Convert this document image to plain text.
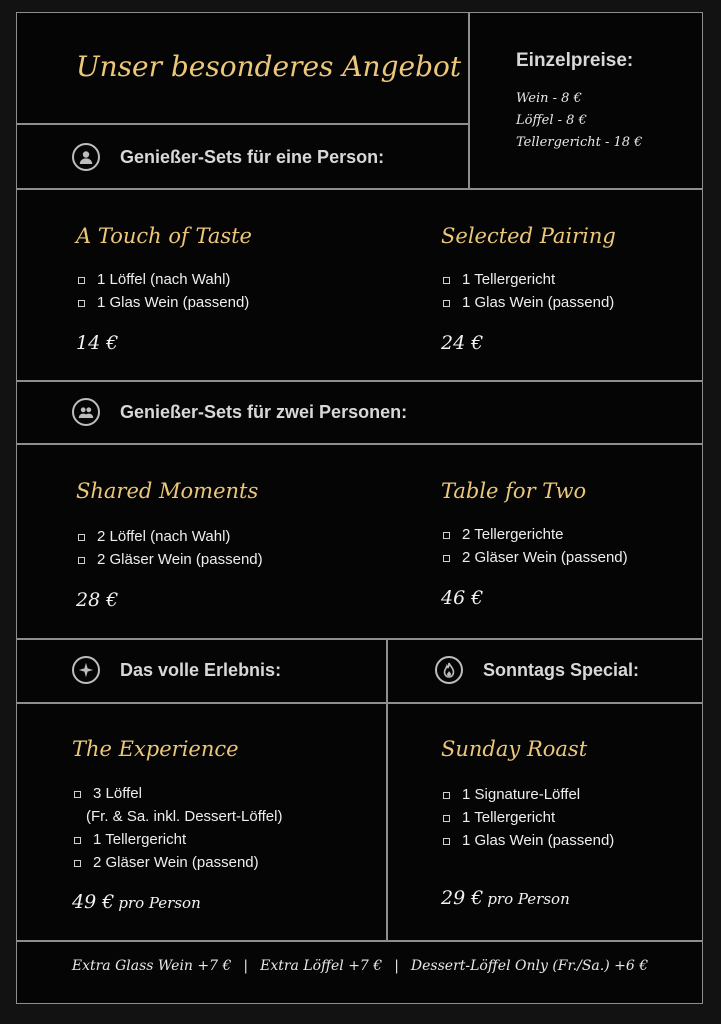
Unser besonderes Angebot	Einzelpreise:
Wein - 8 €
Löffel - 8 €
Tellergericht - 18 €
Genießer-Sets für eine Person:
A Touch of Taste
1 Löffel (nach Wahl)
1 Glas Wein (passend)
14 €
Selected Pairing
1 Tellergericht
1 Glas Wein (passend)
24 €
Genießer-Sets für zwei Personen:
Shared Moments
2 Löffel (nach Wahl)
2 Gläser Wein (passend)
28 €
Table for Two
2 Tellergerichte
2 Gläser Wein (passend)
46 €
Das volle Erlebnis:	Sonntags Special:
The Experience
3 Löffel
(Fr. & Sa. inkl. Dessert-Löffel)
1 Tellergericht
2 Gläser Wein (passend)
49 € pro Person
Sunday Roast
1 Signature-Löffel
1 Tellergericht
1 Glas Wein (passend)
29 € pro Person
Extra Glass Wein +7 € | Extra Löffel +7 € | Dessert-Löffel Only (Fr./Sa.) +6 €
